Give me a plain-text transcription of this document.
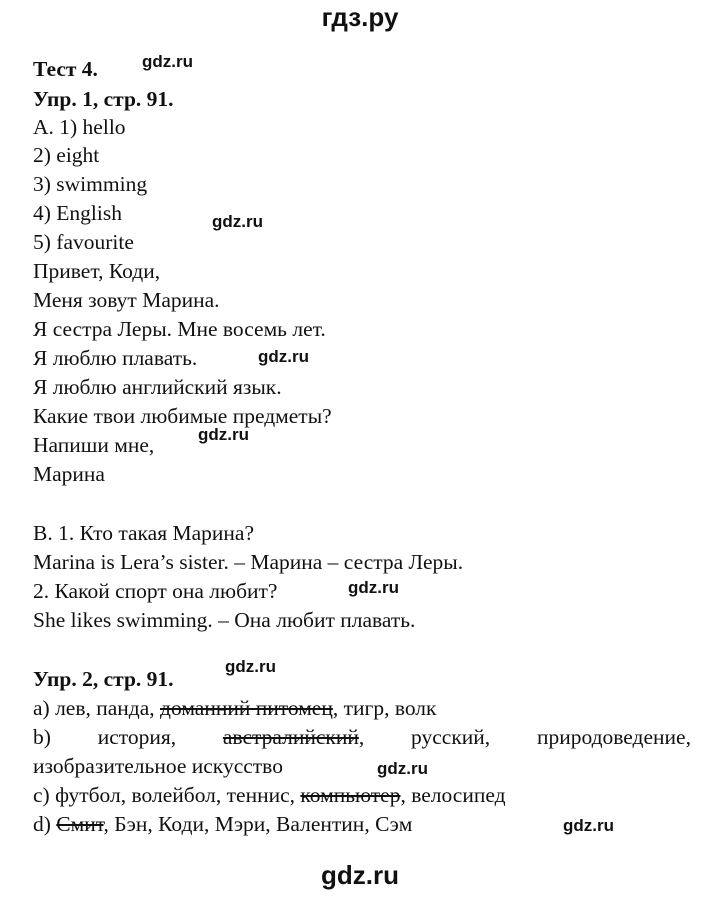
гдз.ру
Тест 4.	gdz.ru
Упр. 1, стр. 91.
A. 1) hello
2) eight
3) swimming
4) English	gdz.ru
5) favourite
Привет, Коди,
Меня зовут Марина.
Я сестра Леры. Мне восемь лет.
Я люблю плавать.	gdz.ru
Я люблю английский язык.
Какие твои любимые предметы?
gdz.ru
Напиши мне,
Марина
B. 1. Кто такая Марина?
Marina is Lera’s sister. – Марина – сестра Леры.
2. Какой спорт она любит?	gdz.ru
She likes swimming. – Она любит плавать.
gdz.ru
Упр. 2, стр. 91.
a) лев, панда, доманний питомец, тигр, волк
b) история, австралийский, русский, природоведение,
изобразительное искусство	gdz.ru
c) футбол, волейбол, теннис, компьютер, велосипед
d) Смит, Бэн, Коди, Мэри, Валентин, Сэм	gdz.ru
gdz.ru
